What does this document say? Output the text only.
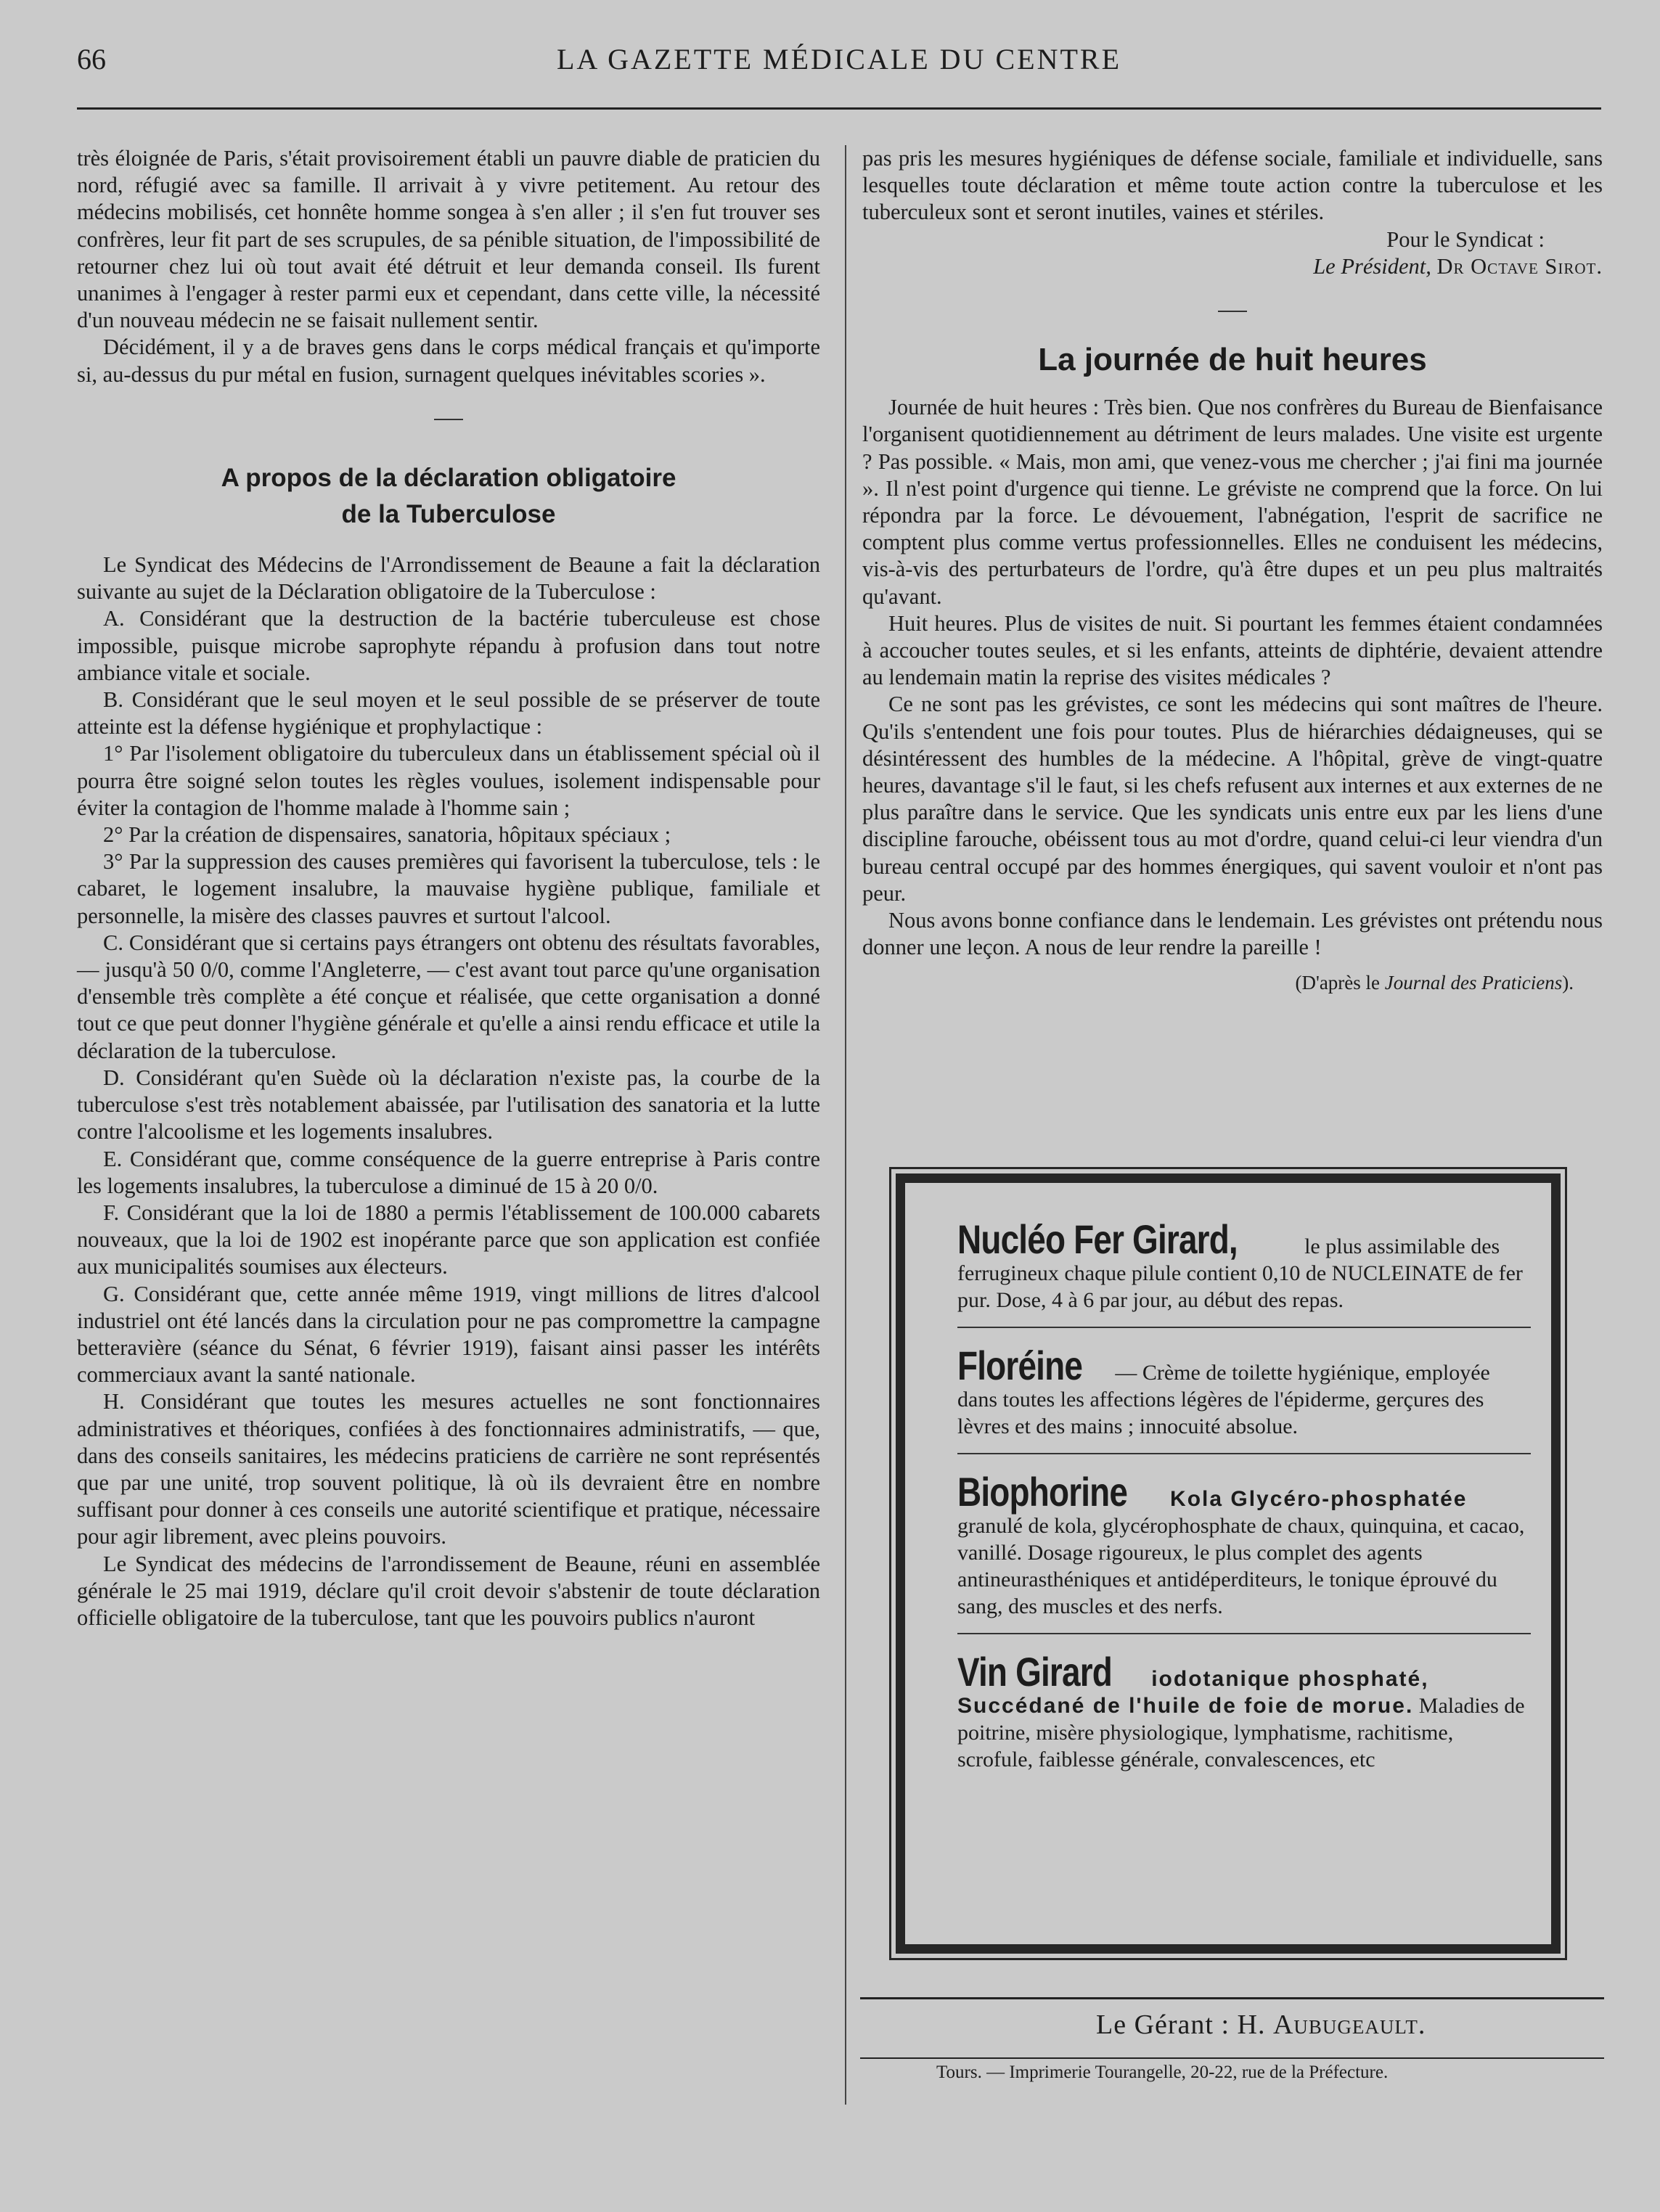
66	LA GAZETTE MÉDICALE DU CENTRE

très éloignée de Paris, s'était provisoirement établi un pauvre diable de praticien du nord, réfugié avec sa famille. Il arrivait à y vivre petitement. Au retour des médecins mobilisés, cet honnête homme songea à s'en aller ; il s'en fut trouver ses confrères, leur fit part de ses scrupules, de sa pénible situation, de l'impossibilité de retourner chez lui où tout avait été détruit et leur demanda conseil. Ils furent unanimes à l'engager à rester parmi eux et cependant, dans cette ville, la nécessité d'un nouveau médecin ne se faisait nullement sentir.

Décidément, il y a de braves gens dans le corps médical français et qu'importe si, au-dessus du pur métal en fusion, surnagent quelques inévitables scories ».

A propos de la déclaration obligatoire
de la Tuberculose

Le Syndicat des Médecins de l'Arrondissement de Beaune a fait la déclaration suivante au sujet de la Déclaration obligatoire de la Tuberculose :

A. Considérant que la destruction de la bactérie tuberculeuse est chose impossible, puisque microbe saprophyte répandu à profusion dans tout notre ambiance vitale et sociale.

B. Considérant que le seul moyen et le seul possible de se préserver de toute atteinte est la défense hygiénique et prophylactique :

1° Par l'isolement obligatoire du tuberculeux dans un établissement spécial où il pourra être soigné selon toutes les règles voulues, isolement indispensable pour éviter la contagion de l'homme malade à l'homme sain ;

2° Par la création de dispensaires, sanatoria, hôpitaux spéciaux ;

3° Par la suppression des causes premières qui favorisent la tuberculose, tels : le cabaret, le logement insalubre, la mauvaise hygiène publique, familiale et personnelle, la misère des classes pauvres et surtout l'alcool.

C. Considérant que si certains pays étrangers ont obtenu des résultats favorables, — jusqu'à 50 0/0, comme l'Angleterre, — c'est avant tout parce qu'une organisation d'ensemble très complète a été conçue et réalisée, que cette organisation a donné tout ce que peut donner l'hygiène générale et qu'elle a ainsi rendu efficace et utile la déclaration de la tuberculose.

D. Considérant qu'en Suède où la déclaration n'existe pas, la courbe de la tuberculose s'est très notablement abaissée, par l'utilisation des sanatoria et la lutte contre l'alcoolisme et les logements insalubres.

E. Considérant que, comme conséquence de la guerre entreprise à Paris contre les logements insalubres, la tuberculose a diminué de 15 à 20 0/0.

F. Considérant que la loi de 1880 a permis l'établissement de 100.000 cabarets nouveaux, que la loi de 1902 est inopérante parce que son application est confiée aux municipalités soumises aux électeurs.

G. Considérant que, cette année même 1919, vingt millions de litres d'alcool industriel ont été lancés dans la circulation pour ne pas compromettre la campagne betteravière (séance du Sénat, 6 février 1919), faisant ainsi passer les intérêts commerciaux avant la santé nationale.

H. Considérant que toutes les mesures actuelles ne sont fonctionnaires administratives et théoriques, confiées à des fonctionnaires administratifs, — que, dans des conseils sanitaires, les médecins praticiens de carrière ne sont représentés que par une unité, trop souvent politique, là où ils devraient être en nombre suffisant pour donner à ces conseils une autorité scientifique et pratique, nécessaire pour agir librement, avec pleins pouvoirs.

Le Syndicat des médecins de l'arrondissement de Beaune, réuni en assemblée générale le 25 mai 1919, déclare qu'il croit devoir s'abstenir de toute déclaration officielle obligatoire de la tuberculose, tant que les pouvoirs publics n'auront

pas pris les mesures hygiéniques de défense sociale, familiale et individuelle, sans lesquelles toute déclaration et même toute action contre la tuberculose et les tuberculeux sont et seront inutiles, vaines et stériles.

Pour le Syndicat :
Le Président, Dr Octave Sirot.
La journée de huit heures

Journée de huit heures : Très bien. Que nos confrères du Bureau de Bienfaisance l'organisent quotidiennement au détriment de leurs malades. Une visite est urgente ? Pas possible. « Mais, mon ami, que venez-vous me chercher ; j'ai fini ma journée ». Il n'est point d'urgence qui tienne. Le gréviste ne comprend que la force. On lui répondra par la force. Le dévouement, l'abnégation, l'esprit de sacrifice ne comptent plus comme vertus professionnelles. Elles ne conduisent les médecins, vis-à-vis des perturbateurs de l'ordre, qu'à être dupes et un peu plus maltraités qu'avant.

Huit heures. Plus de visites de nuit. Si pourtant les femmes étaient condamnées à accoucher toutes seules, et si les enfants, atteints de diphtérie, devaient attendre au lendemain matin la reprise des visites médicales ?

Ce ne sont pas les grévistes, ce sont les médecins qui sont maîtres de l'heure. Qu'ils s'entendent une fois pour toutes. Plus de hiérarchies dédaigneuses, qui se désintéressent des humbles de la médecine. A l'hôpital, grève de vingt-quatre heures, davantage s'il le faut, si les chefs refusent aux internes et aux externes de ne plus paraître dans le service. Que les syndicats unis entre eux par les liens d'une discipline farouche, obéissent tous au mot d'ordre, quand celui-ci leur viendra d'un bureau central occupé par des hommes énergiques, qui savent vouloir et n'ont pas peur.

Nous avons bonne confiance dans le lendemain. Les grévistes ont prétendu nous donner une leçon. A nous de leur rendre la pareille !

(D'après le Journal des Praticiens).

Nucléo Fer Girard,	le plus assimilable des ferrugineux chaque pilule contient 0,10 de NUCLEINATE de fer pur. Dose, 4 à 6 par jour, au début des repas.

Floréine — Crème de toilette hygiénique, employée dans toutes les affections légères de l'épiderme, gerçures des lèvres et des mains ; innocuité absolue.

Biophorine Kola Glycéro-phosphatée granulé de kola, glycérophosphate de chaux, quinquina, et cacao, vanillé. Dosage rigoureux, le plus complet des agents antineurasthéniques et antidéperditeurs, le tonique éprouvé du sang, des muscles et des nerfs.

Vin Girard iodotanique phosphaté, Succédané de l'huile de foie de morue. Maladies de poitrine, misère physiologique, lymphatisme, rachitisme, scrofule, faiblesse générale, convalescences, etc

Le Gérant : H. Aubugeault.
Tours. — Imprimerie Tourangelle, 20-22, rue de la Préfecture.
